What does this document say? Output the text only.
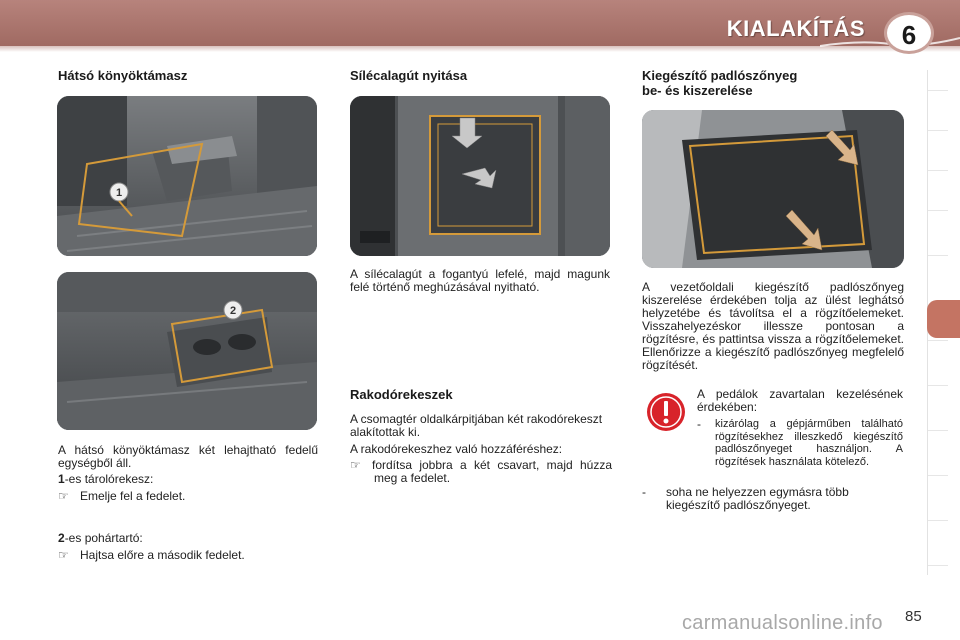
KIALAKÍTÁS	6
Hátsó könyöktámasz
1
2
A hátsó könyöktámasz két lehajtható fedelű egységből áll.
1-es tárolórekesz:
☞ Emelje fel a fedelet.
2-es pohártartó:
☞ Hajtsa előre a második fedelet.
Sílécalagút nyitása
A sílécalagút a fogantyú lefelé, majd magunk felé történő meghúzásával nyitható.
Rakodórekeszek
A csomagtér oldalkárpitjában két rakodórekeszt alakítottak ki.
A rakodórekeszhez való hozzáféréshez:
☞ fordítsa jobbra a két csavart, majd húzza meg a fedelet.
Kiegészítő padlószőnyeg
be- és kiszerelése
A vezetőoldali kiegészítő padlószőnyeg kiszerelése érdekében tolja az ülést leghátsó helyzetébe és távolítsa el a rögzítőelemeket. Visszahelyezéskor illessze pontosan a rögzítésre, és pattintsa vissza a rögzítőelemeket. Ellenőrizze a kiegészítő padlószőnyeg megfelelő rögzítését.
A pedálok zavartalan kezelésének érdekében:
-	kizárólag a gépjárműben található rögzítésekhez illeszkedő kiegészítő padlószőnyeget használjon. A rögzítések használata kötelező.
-	soha ne helyezzen egymásra több kiegészítő padlószőnyeget.
carmanualsonline.info 85
